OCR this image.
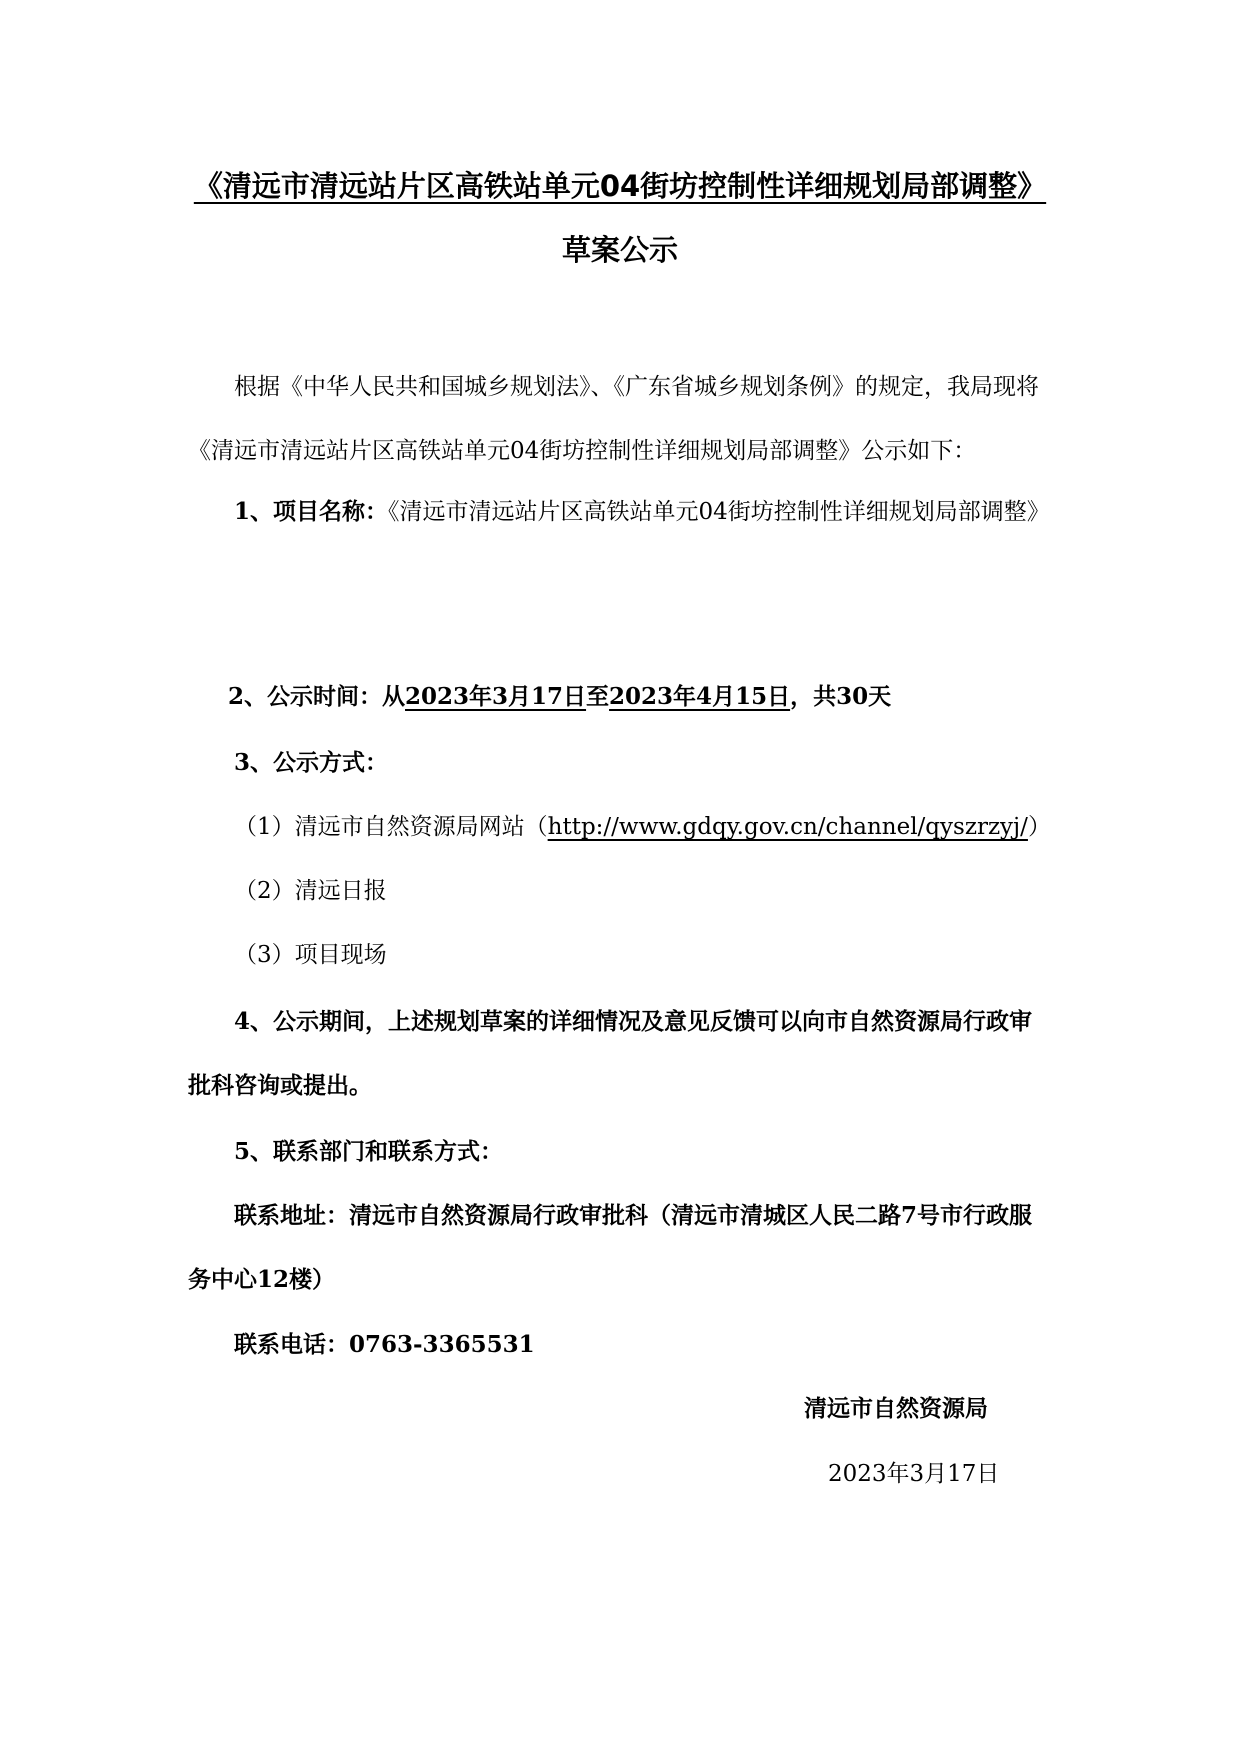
《清远市清远站片区高铁站单元04街坊控制性详细规划局部调整》
草案公示

根据《中华人民共和国城乡规划法》、《广东省城乡规划条例》的规定，我局现将《清远市清远站片区高铁站单元04街坊控制性详细规划局部调整》公示如下：

1、项目名称：《清远市清远站片区高铁站单元04街坊控制性详细规划局部调整》

2、公示时间：从2023年3月17日至2023年4月15日，共30天
3、公示方式：
（1）清远市自然资源局网站（http://www.gdqy.gov.cn/channel/qyszrzyj/）
（2）清远日报
（3）项目现场

4、公示期间，上述规划草案的详细情况及意见反馈可以向市自然资源局行政审批科咨询或提出。

5、联系部门和联系方式：

联系地址：清远市自然资源局行政审批科（清远市清城区人民二路7号市行政服务中心12楼）

联系电话：0763-3365531
清远市自然资源局
2023年3月17日
